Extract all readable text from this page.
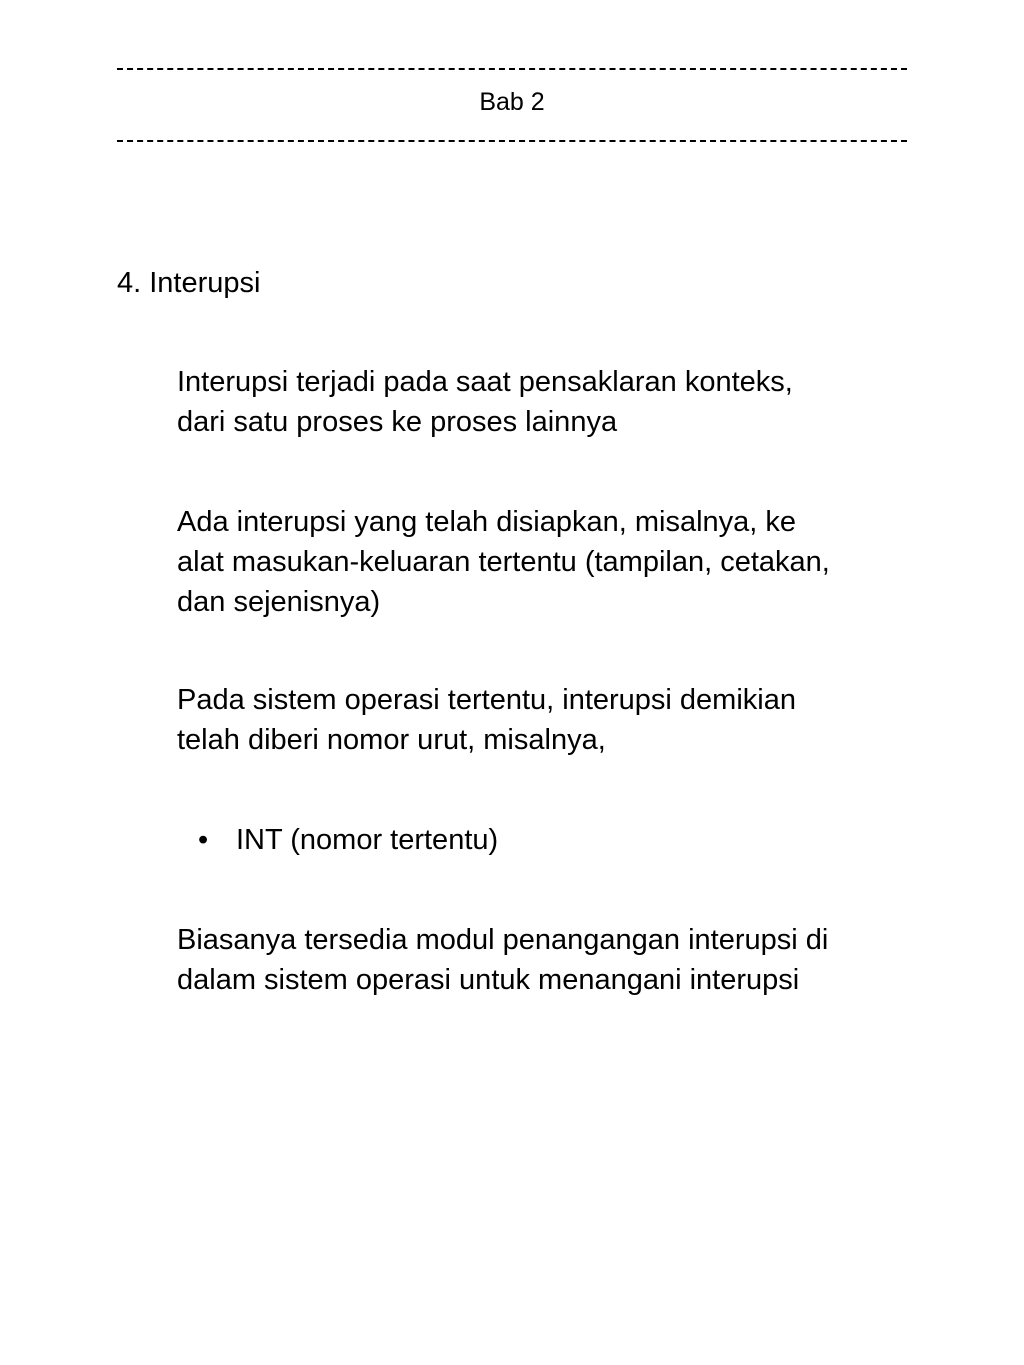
Bab 2
4. Interupsi
Interupsi terjadi pada saat pensaklaran konteks,
dari satu proses ke proses lainnya
Ada interupsi yang telah disiapkan, misalnya, ke
alat masukan-keluaran tertentu (tampilan, cetakan,
dan sejenisnya)
Pada sistem operasi tertentu, interupsi demikian
telah diberi nomor urut, misalnya,
• INT (nomor tertentu)
Biasanya tersedia modul penangangan interupsi di
dalam sistem operasi untuk menangani interupsi
